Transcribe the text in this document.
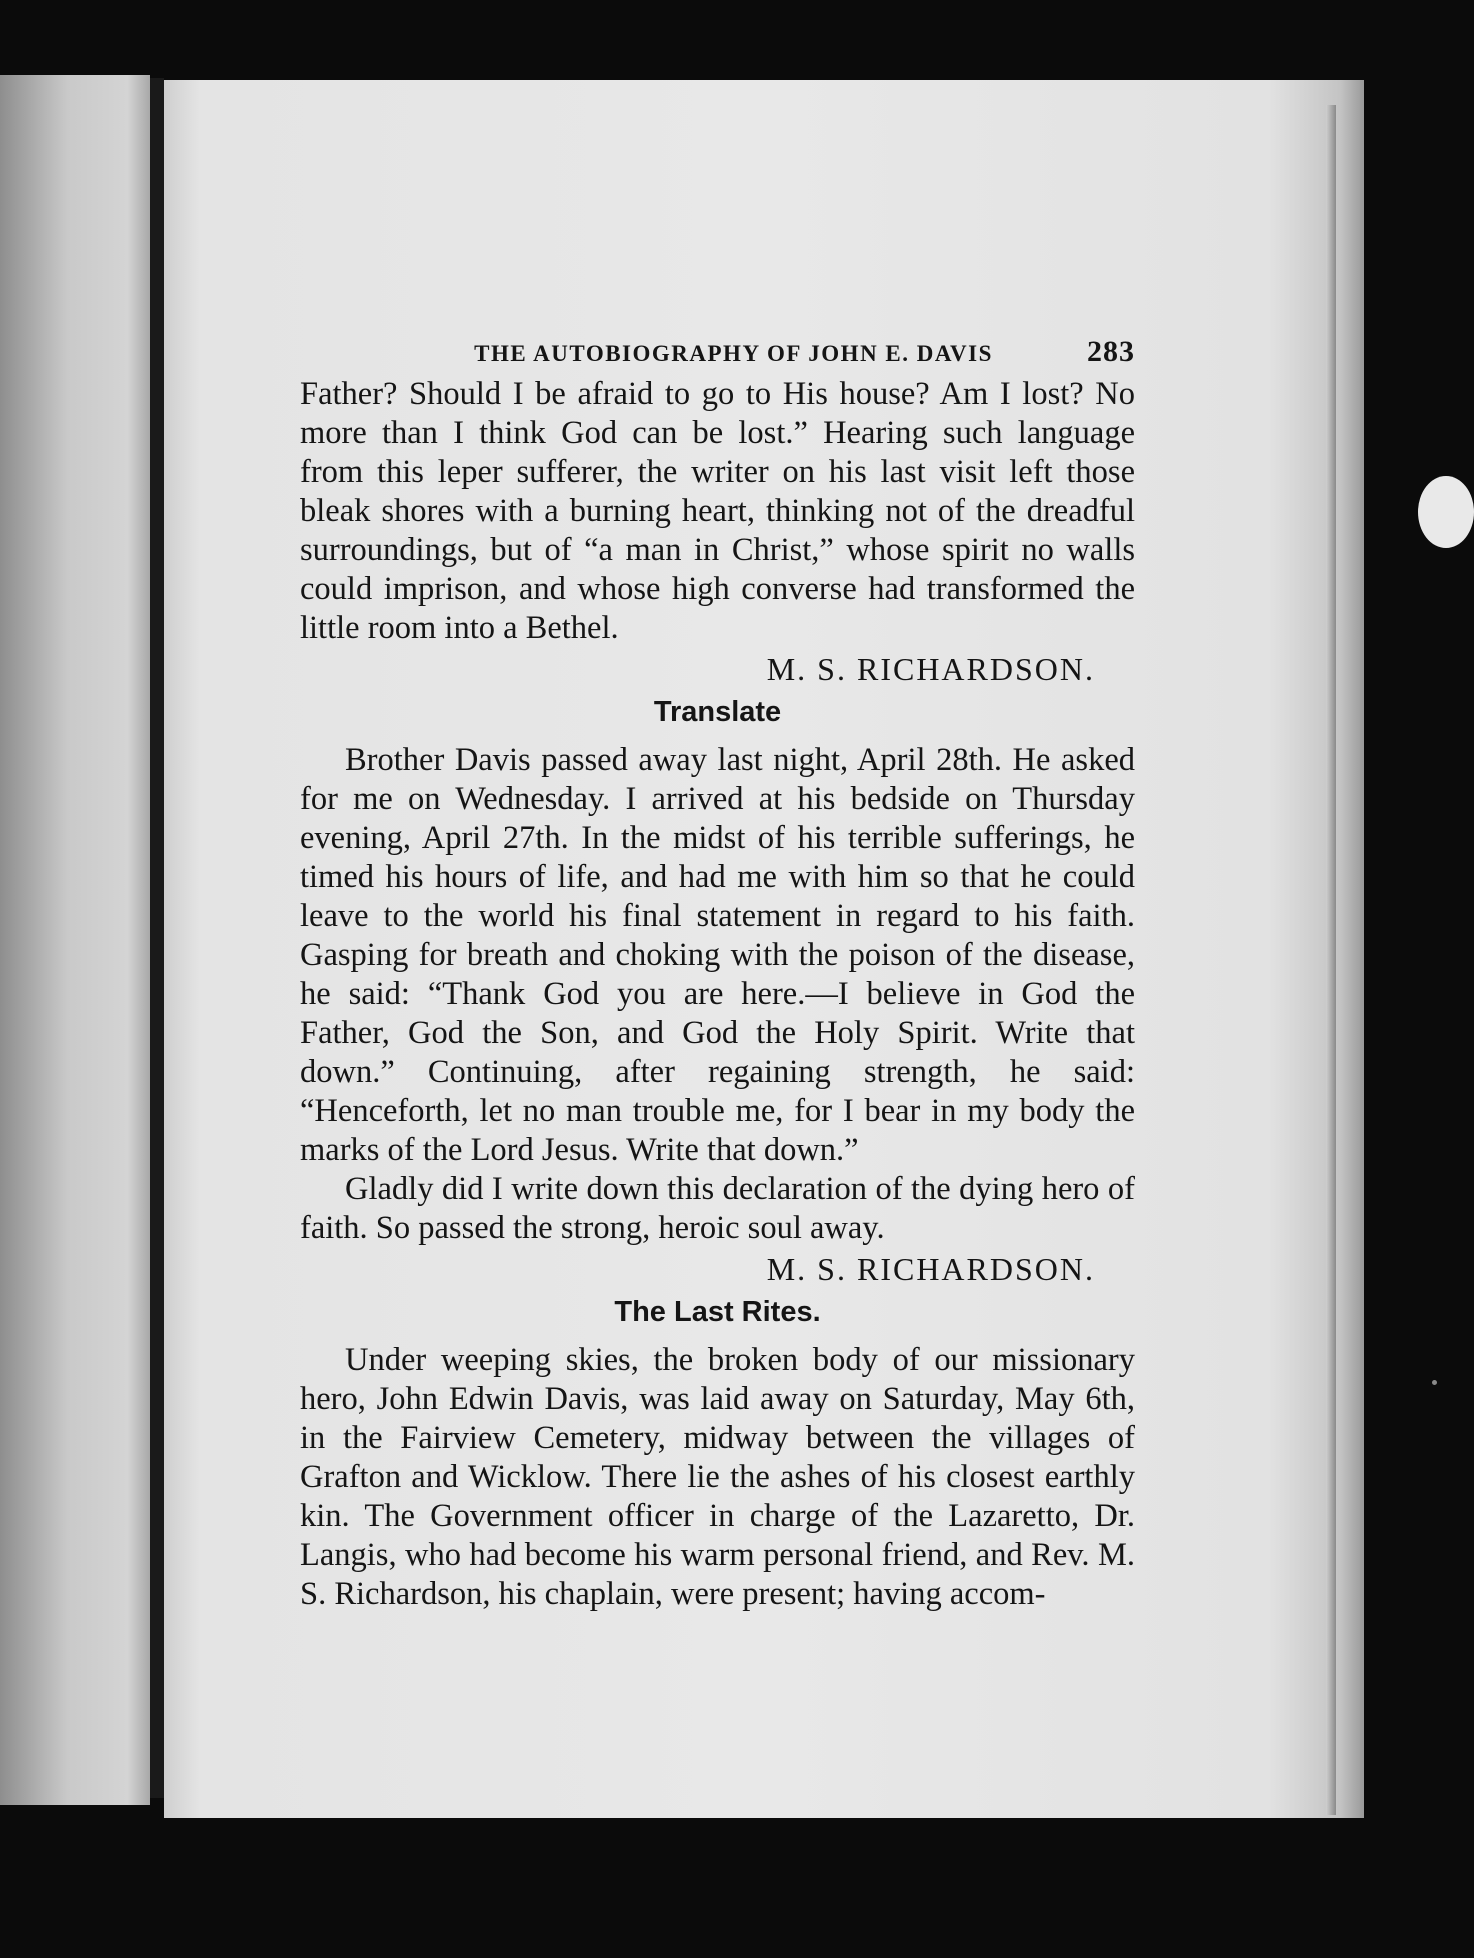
THE AUTOBIOGRAPHY OF JOHN E. DAVIS	283

Father? Should I be afraid to go to His house? Am I lost? No more than I think God can be lost.” Hearing such language from this leper sufferer, the writer on his last visit left those bleak shores with a burning heart, thinking not of the dreadful surroundings, but of “a man in Christ,” whose spirit no walls could imprison, and whose high converse had transformed the little room into a Bethel.

M. S. RICHARDSON.
Translate

Brother Davis passed away last night, April 28th. He asked for me on Wednesday. I arrived at his bedside on Thursday evening, April 27th. In the midst of his terrible sufferings, he timed his hours of life, and had me with him so that he could leave to the world his final statement in regard to his faith. Gasping for breath and choking with the poison of the disease, he said: “Thank God you are here.—I believe in God the Father, God the Son, and God the Holy Spirit. Write that down.” Continuing, after regaining strength, he said: “Henceforth, let no man trouble me, for I bear in my body the marks of the Lord Jesus. Write that down.”

Gladly did I write down this declaration of the dying hero of faith. So passed the strong, heroic soul away.

M. S. RICHARDSON.
The Last Rites.

Under weeping skies, the broken body of our missionary hero, John Edwin Davis, was laid away on Saturday, May 6th, in the Fairview Cemetery, midway between the villages of Grafton and Wicklow. There lie the ashes of his closest earthly kin. The Government officer in charge of the Lazaretto, Dr. Langis, who had become his warm personal friend, and Rev. M. S. Richardson, his chaplain, were present; having accom-
